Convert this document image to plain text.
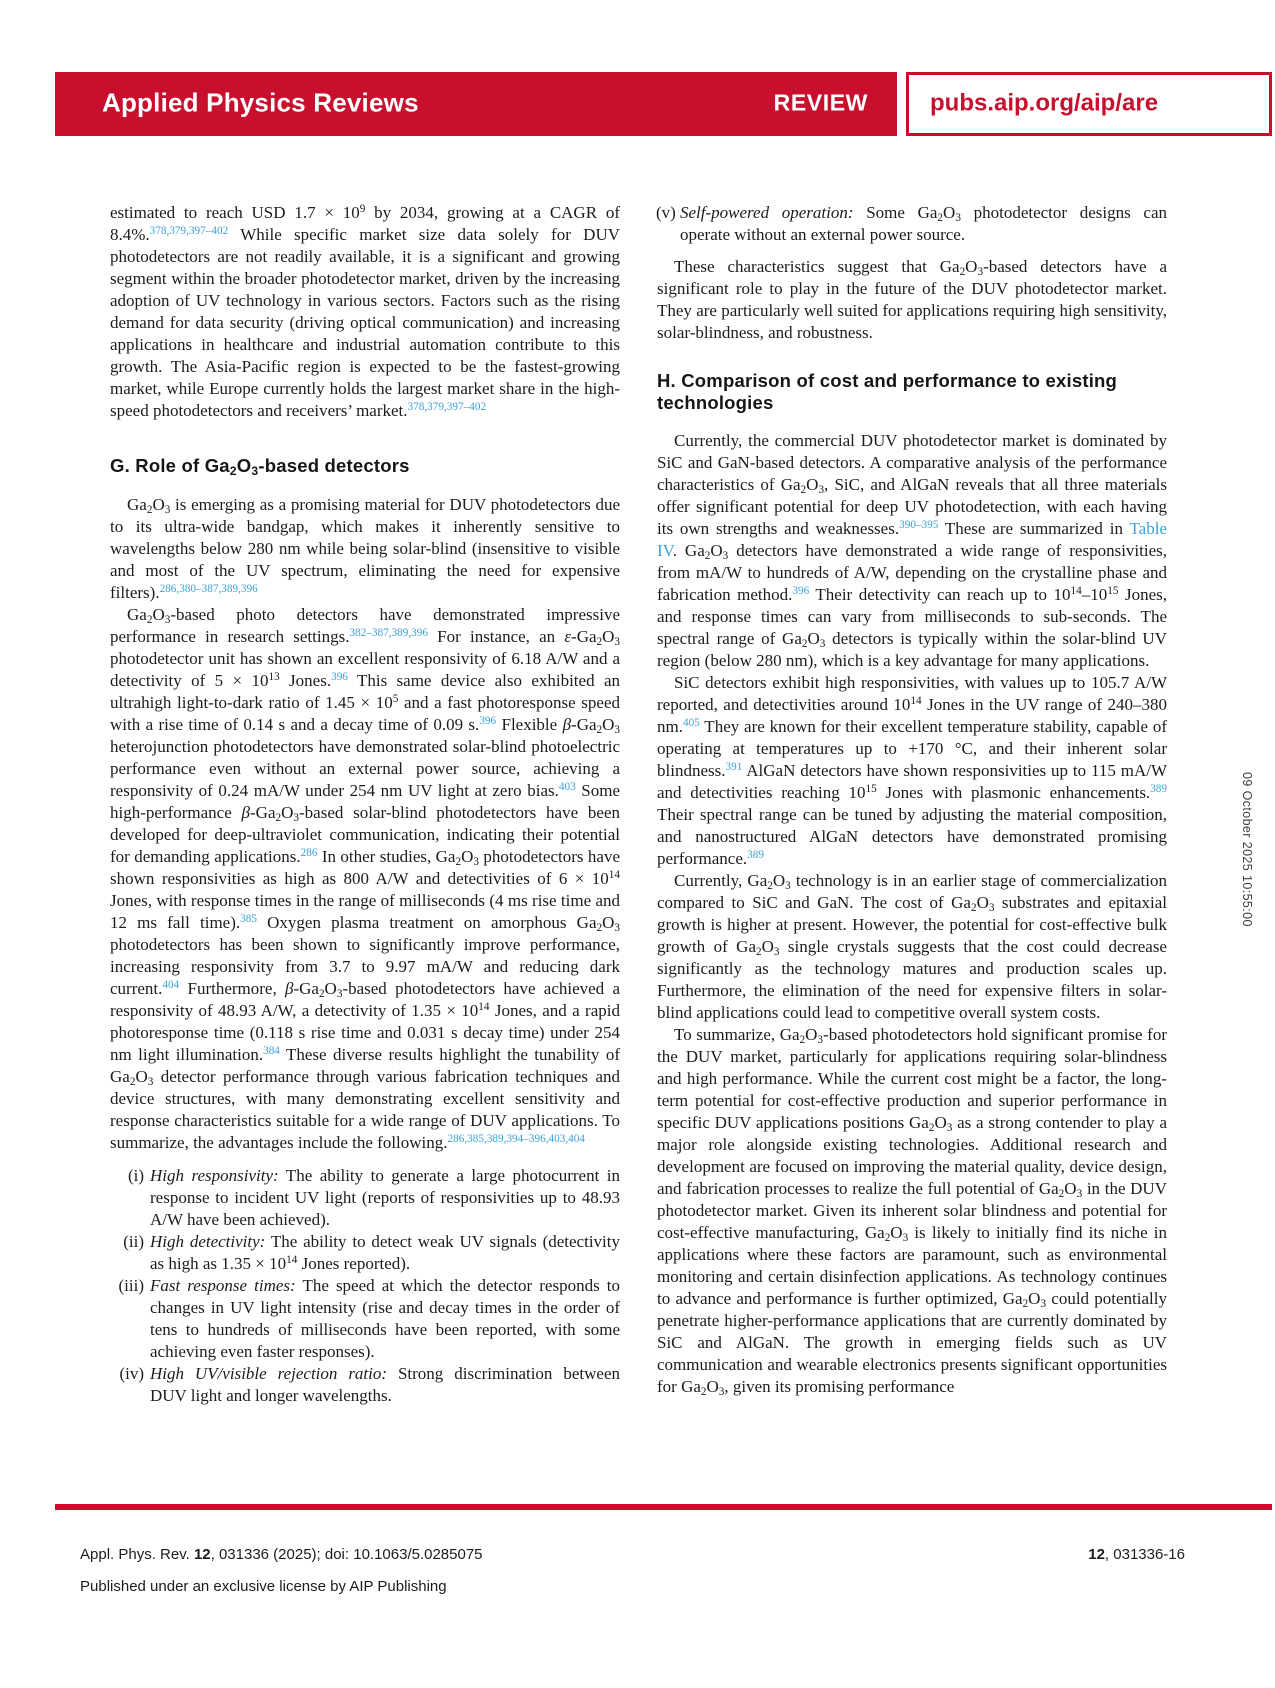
Applied Physics Reviews	REVIEW	pubs.aip.org/aip/are

estimated to reach USD $1.7 \times 10^9$ by 2034, growing at a CAGR of 8.4%.$^{378,379,397-402}$ While specific market size data solely for DUV photodetectors are not readily available, it is a significant and growing segment within the broader photodetector market, driven by the increasing adoption of UV technology in various sectors. Factors such as the rising demand for data security (driving optical communication) and increasing applications in healthcare and industrial automation contribute to this growth. The Asia-Pacific region is expected to be the fastest-growing market, while Europe currently holds the largest market share in the high-speed photodetectors and receivers’ market.$^{378,379,397-402}$

G. Role of $Ga_2O_3$-based detectors

$Ga_2O_3$ is emerging as a promising material for DUV photodetectors due to its ultra-wide bandgap, which makes it inherently sensitive to wavelengths below 280 nm while being solar-blind (insensitive to visible and most of the UV spectrum, eliminating the need for expensive filters).$^{286,380-387,389,396}$

$Ga_2O_3$-based photo detectors have demonstrated impressive performance in research settings.$^{382-387,389,396}$ For instance, an $\varepsilon-Ga_2O_3$ photodetector unit has shown an excellent responsivity of 6.18 A/W and a detectivity of $5 \times 10^{13}$ Jones.$^{396}$ This same device also exhibited an ultrahigh light-to-dark ratio of $1.45 \times 10^5$ and a fast photoresponse speed with a rise time of 0.14 s and a decay time of 0.09 s.$^{396}$ Flexible $\beta-Ga_2O_3$ heterojunction photodetectors have demonstrated solar-blind photoelectric performance even without an external power source, achieving a responsivity of 0.24 mA/W under 254 nm UV light at zero bias.$^{403}$ Some high-performance $\beta-Ga_2O_3$-based solar-blind photodetectors have been developed for deep-ultraviolet communication, indicating their potential for demanding applications.$^{286}$ In other studies, $Ga_2O_3$ photodetectors have shown responsivities as high as 800 A/W and detectivities of $6 \times 10^{14}$ Jones, with response times in the range of milliseconds (4 ms rise time and 12 ms fall time).$^{385}$ Oxygen plasma treatment on amorphous $Ga_2O_3$ photodetectors has been shown to significantly improve performance, increasing responsivity from 3.7 to 9.97 mA/W and reducing dark current.$^{404}$ Furthermore, $\beta-Ga_2O_3$-based photodetectors have achieved a responsivity of 48.93 A/W, a detectivity of $1.35 \times 10^{14}$ Jones, and a rapid photoresponse time (0.118 s rise time and 0.031 s decay time) under 254 nm light illumination.$^{384}$ These diverse results highlight the tunability of $Ga_2O_3$ detector performance through various fabrication techniques and device structures, with many demonstrating excellent sensitivity and response characteristics suitable for a wide range of DUV applications. To summarize, the advantages include the following.$^{286,385,389,394-396,403,404}$

(i) High responsivity: The ability to generate a large photocurrent in response to incident UV light (reports of responsivities up to 48.93 A/W have been achieved).
(ii) High detectivity: The ability to detect weak UV signals (detectivity as high as $1.35 \times 10^{14}$ Jones reported).
(iii) Fast response times: The speed at which the detector responds to changes in UV light intensity (rise and decay times in the order of tens to hundreds of milliseconds have been reported, with some achieving even faster responses).
(iv) High UV/visible rejection ratio: Strong discrimination between DUV light and longer wavelengths.
(v) Self-powered operation: Some $Ga_2O_3$ photodetector designs can operate without an external power source.

These characteristics suggest that $Ga_2O_3$-based detectors have a significant role to play in the future of the DUV photodetector market. They are particularly well suited for applications requiring high sensitivity, solar-blindness, and robustness.

H. Comparison of cost and performance to existing technologies

Currently, the commercial DUV photodetector market is dominated by SiC and GaN-based detectors. A comparative analysis of the performance characteristics of $Ga_2O_3$, SiC, and AlGaN reveals that all three materials offer significant potential for deep UV photodetection, with each having its own strengths and weaknesses.$^{390-395}$ These are summarized in Table IV. $Ga_2O_3$ detectors have demonstrated a wide range of responsivities, from mA/W to hundreds of A/W, depending on the crystalline phase and fabrication method.$^{396}$ Their detectivity can reach up to $10^{14}-10^{15}$ Jones, and response times can vary from milliseconds to sub-seconds. The spectral range of $Ga_2O_3$ detectors is typically within the solar-blind UV region (below 280 nm), which is a key advantage for many applications.

SiC detectors exhibit high responsivities, with values up to 105.7 A/W reported, and detectivities around $10^{14}$ Jones in the UV range of 240–380 nm.$^{405}$ They are known for their excellent temperature stability, capable of operating at temperatures up to +170 °C, and their inherent solar blindness.$^{391}$ AlGaN detectors have shown responsivities up to 115 mA/W and detectivities reaching $10^{15}$ Jones with plasmonic enhancements.$^{389}$ Their spectral range can be tuned by adjusting the material composition, and nanostructured AlGaN detectors have demonstrated promising performance.$^{389}$

Currently, $Ga_2O_3$ technology is in an earlier stage of commercialization compared to SiC and GaN. The cost of $Ga_2O_3$ substrates and epitaxial growth is higher at present. However, the potential for cost-effective bulk growth of $Ga_2O_3$ single crystals suggests that the cost could decrease significantly as the technology matures and production scales up. Furthermore, the elimination of the need for expensive filters in solar-blind applications could lead to competitive overall system costs.

To summarize, $Ga_2O_3$-based photodetectors hold significant promise for the DUV market, particularly for applications requiring solar-blindness and high performance. While the current cost might be a factor, the long-term potential for cost-effective production and superior performance in specific DUV applications positions $Ga_2O_3$ as a strong contender to play a major role alongside existing technologies. Additional research and development are focused on improving the material quality, device design, and fabrication processes to realize the full potential of $Ga_2O_3$ in the DUV photodetector market. Given its inherent solar blindness and potential for cost-effective manufacturing, $Ga_2O_3$ is likely to initially find its niche in applications where these factors are paramount, such as environmental monitoring and certain disinfection applications. As technology continues to advance and performance is further optimized, $Ga_2O_3$ could potentially penetrate higher-performance applications that are currently dominated by SiC and AlGaN. The growth in emerging fields such as UV communication and wearable electronics presents significant opportunities for $Ga_2O_3$, given its promising performance

Appl. Phys. Rev. 12, 031336 (2025); doi: 10.1063/5.0285075	12, 031336-16
Published under an exclusive license by AIP Publishing
09 October 2025 10:55:00
